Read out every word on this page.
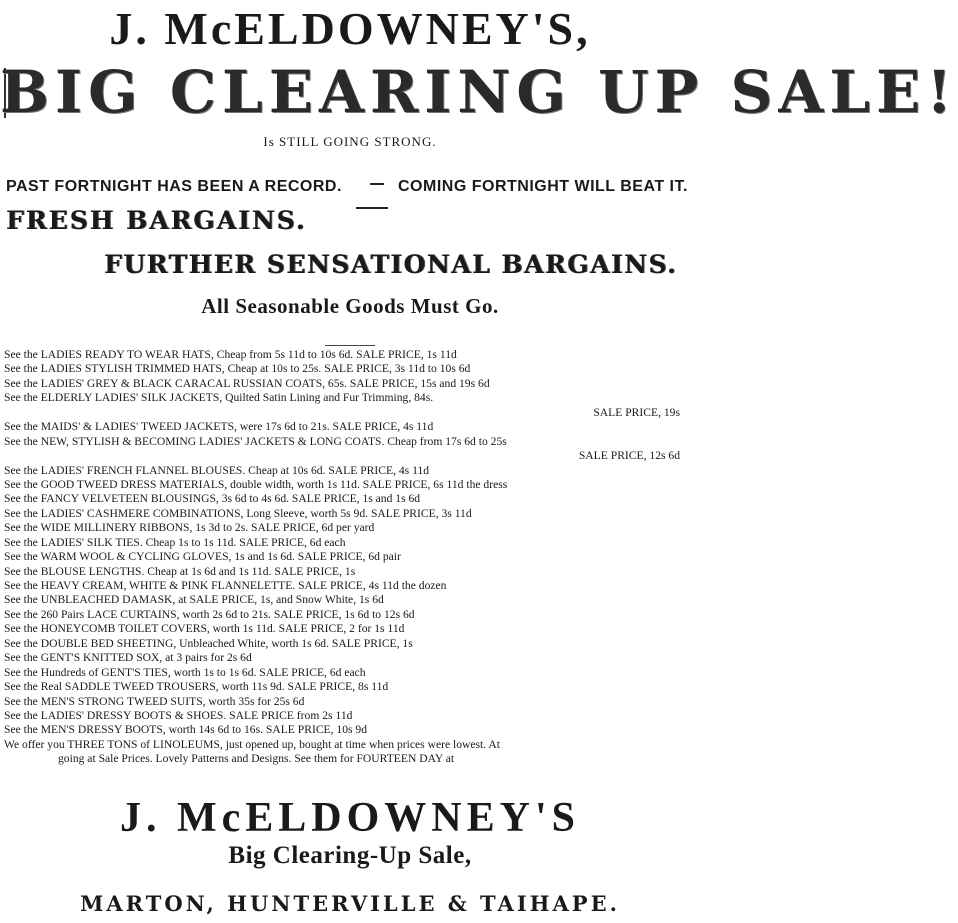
J. McELDOWNEY'S,
BIG CLEARING UP SALE!
Is STILL GOING STRONG.
PAST FORTNIGHT HAS BEEN A RECORD.	COMING FORTNIGHT WILL BEAT IT.
FRESH BARGAINS.
FURTHER SENSATIONAL BARGAINS.
All Seasonable Goods Must Go.
See the LADIES READY TO WEAR HATS, Cheap from 5s 11d to 10s 6d. SALE PRICE, 1s 11d
See the LADIES STYLISH TRIMMED HATS, Cheap at 10s to 25s. SALE PRICE, 3s 11d to 10s 6d
See the LADIES' GREY & BLACK CARACAL RUSSIAN COATS, 65s. SALE PRICE, 15s and 19s 6d
See the ELDERLY LADIES' SILK JACKETS, Quilted Satin Lining and Fur Trimming, 84s.
SALE PRICE, 19s
See the MAIDS' & LADIES' TWEED JACKETS, were 17s 6d to 21s. SALE PRICE, 4s 11d
See the NEW, STYLISH & BECOMING LADIES' JACKETS & LONG COATS. Cheap from 17s 6d to 25s
SALE PRICE, 12s 6d
See the LADIES' FRENCH FLANNEL BLOUSES. Cheap at 10s 6d. SALE PRICE, 4s 11d
See the GOOD TWEED DRESS MATERIALS, double width, worth 1s 11d. SALE PRICE, 6s 11d the dress
See the FANCY VELVETEEN BLOUSINGS, 3s 6d to 4s 6d. SALE PRICE, 1s and 1s 6d
See the LADIES' CASHMERE COMBINATIONS, Long Sleeve, worth 5s 9d. SALE PRICE, 3s 11d
See the WIDE MILLINERY RIBBONS, 1s 3d to 2s. SALE PRICE, 6d per yard
See the LADIES' SILK TIES. Cheap 1s to 1s 11d. SALE PRICE, 6d each
See the WARM WOOL & CYCLING GLOVES, 1s and 1s 6d. SALE PRICE, 6d pair
See the BLOUSE LENGTHS. Cheap at 1s 6d and 1s 11d. SALE PRICE, 1s
See the HEAVY CREAM, WHITE & PINK FLANNELETTE. SALE PRICE, 4s 11d the dozen
See the UNBLEACHED DAMASK, at SALE PRICE, 1s, and Snow White, 1s 6d
See the 260 Pairs LACE CURTAINS, worth 2s 6d to 21s. SALE PRICE, 1s 6d to 12s 6d
See the HONEYCOMB TOILET COVERS, worth 1s 11d. SALE PRICE, 2 for 1s 11d
See the DOUBLE BED SHEETING, Unbleached White, worth 1s 6d. SALE PRICE, 1s
See the GENT'S KNITTED SOX, at 3 pairs for 2s 6d
See the Hundreds of GENT'S TIES, worth 1s to 1s 6d. SALE PRICE, 6d each
See the Real SADDLE TWEED TROUSERS, worth 11s 9d. SALE PRICE, 8s 11d
See the MEN'S STRONG TWEED SUITS, worth 35s for 25s 6d
See the LADIES' DRESSY BOOTS & SHOES. SALE PRICE from 2s 11d
See the MEN'S DRESSY BOOTS, worth 14s 6d to 16s. SALE PRICE, 10s 9d
We offer you THREE TONS of LINOLEUMS, just opened up, bought at time when prices were lowest. At
going at Sale Prices. Lovely Patterns and Designs. See them for FOURTEEN DAY at
J. McELDOWNEY'S
Big Clearing-Up Sale,
MARTON, HUNTERVILLE & TAIHAPE.
